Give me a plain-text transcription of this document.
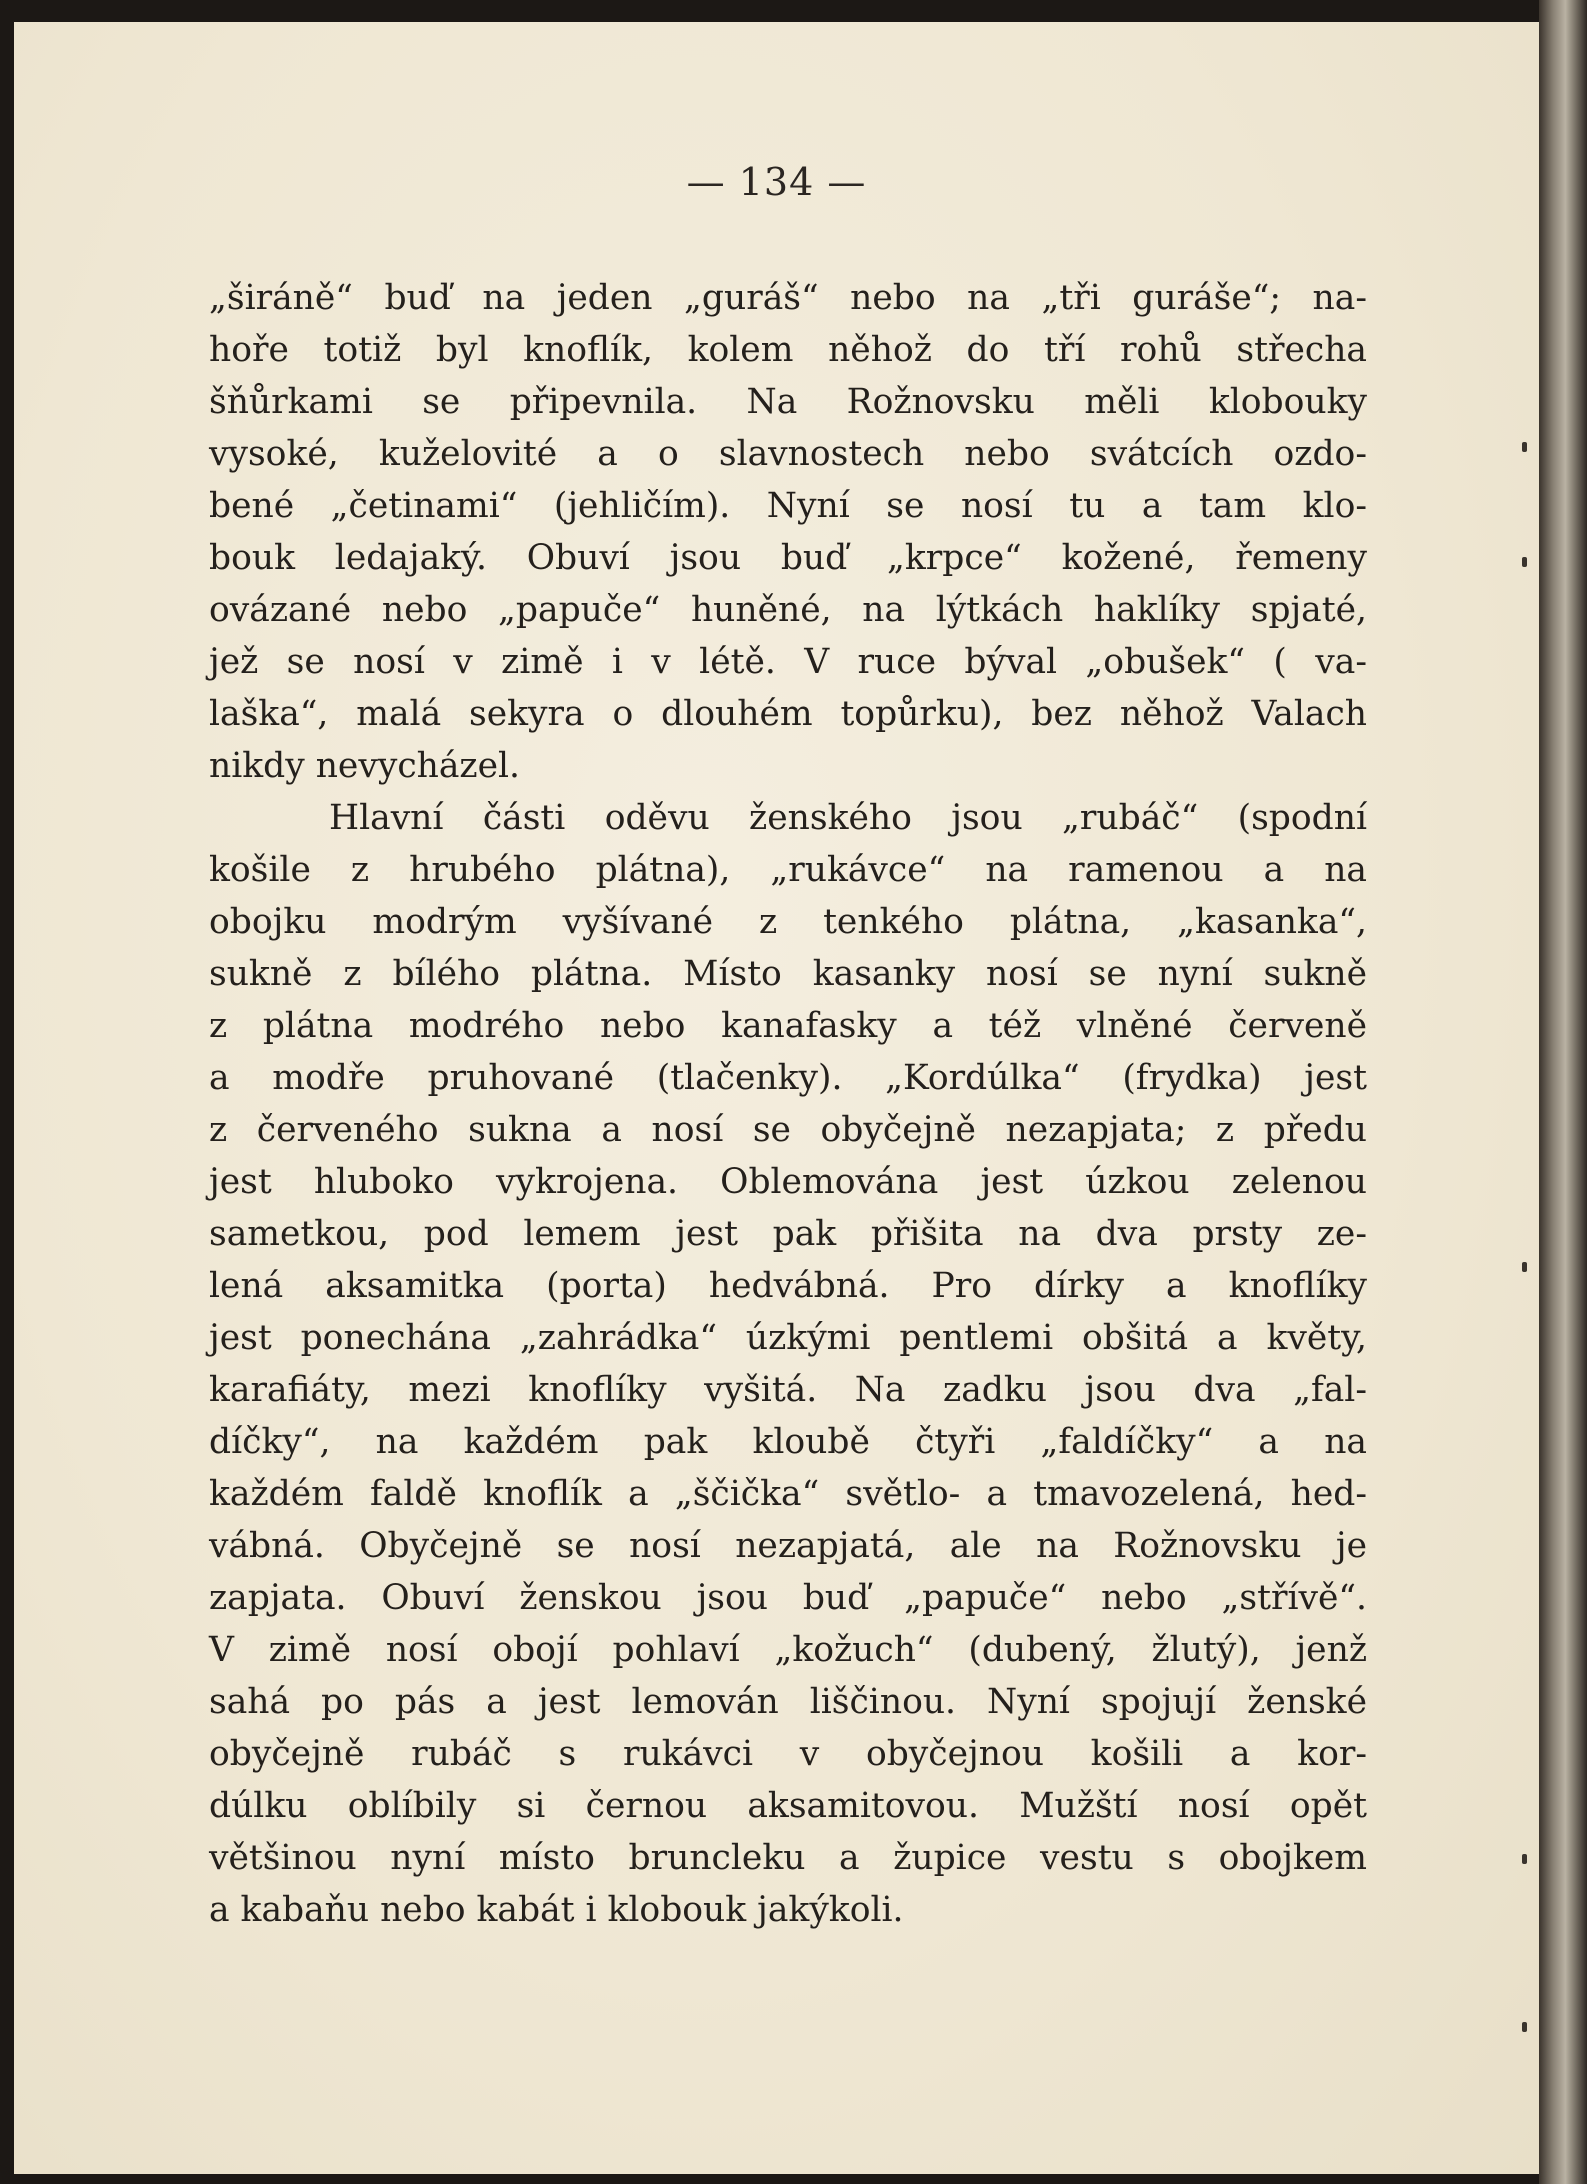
— 134 —
„širáně“ buď na jeden „guráš“ nebo na „tři guráše“; na-
hoře totiž byl knoflík, kolem něhož do tří rohů střecha
šňůrkami se připevnila. Na Rožnovsku měli klobouky
vysoké, kuželovité a o slavnostech nebo svátcích ozdo-
bené „četinami“ (jehličím). Nyní se nosí tu a tam klo-
bouk ledajaký. Obuví jsou buď „krpce“ kožené, řemeny
ovázané nebo „papuče“ huněné, na lýtkách haklíky spjaté,
jež se nosí v zimě i v létě. V ruce býval „obušek“ ( va-
laška“, malá sekyra o dlouhém topůrku), bez něhož Valach
nikdy nevycházel.
Hlavní části oděvu ženského jsou „rubáč“ (spodní
košile z hrubého plátna), „rukávce“ na ramenou a na
obojku modrým vyšívané z tenkého plátna, „kasanka“,
sukně z bílého plátna. Místo kasanky nosí se nyní sukně
z plátna modrého nebo kanafasky a též vlněné červeně
a modře pruhované (tlačenky). „Kordúlka“ (frydka) jest
z červeného sukna a nosí se obyčejně nezapjata; z předu
jest hluboko vykrojena. Oblemována jest úzkou zelenou
sametkou, pod lemem jest pak přišita na dva prsty ze-
lená aksamitka (porta) hedvábná. Pro dírky a knoflíky
jest ponechána „zahrádka“ úzkými pentlemi obšitá a květy,
karafiáty, mezi knoflíky vyšitá. Na zadku jsou dva „fal-
díčky“, na každém pak kloubě čtyři „faldíčky“ a na
každém faldě knoflík a „ščička“ světlo- a tmavozelená, hed-
vábná. Obyčejně se nosí nezapjatá, ale na Rožnovsku je
zapjata. Obuví ženskou jsou buď „papuče“ nebo „střívě“.
V zimě nosí obojí pohlaví „kožuch“ (dubený, žlutý), jenž
sahá po pás a jest lemován liščinou. Nyní spojují ženské
obyčejně rubáč s rukávci v obyčejnou košili a kor-
dúlku oblíbily si černou aksamitovou. Mužští nosí opět
většinou nyní místo bruncleku a župice vestu s obojkem
a kabaňu nebo kabát i klobouk jakýkoli.
